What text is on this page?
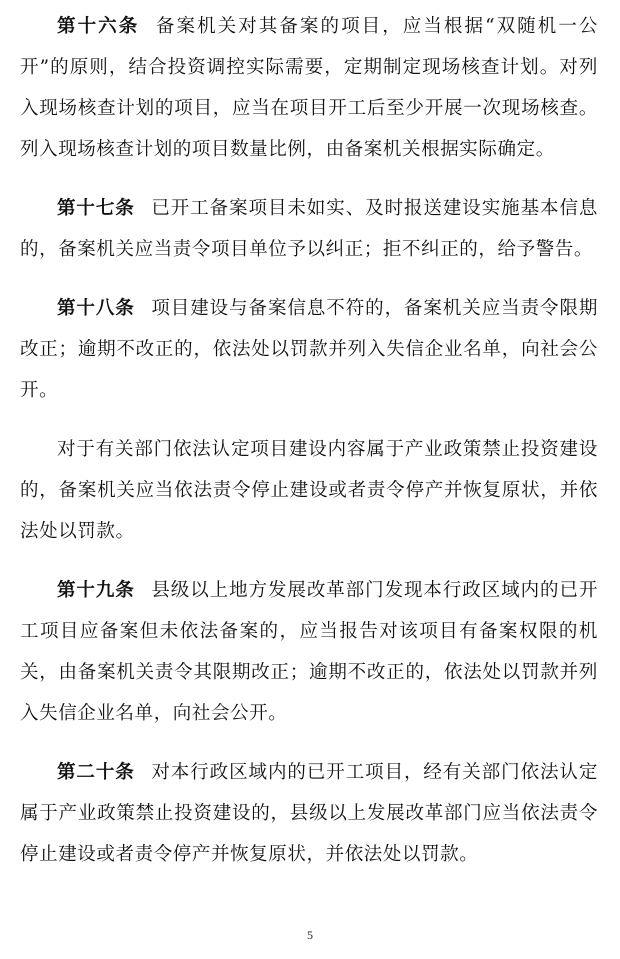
第十六条 备案机关对其备案的项目，应当根据“双随机一公开”的原则，结合投资调控实际需要，定期制定现场核查计划。对列入现场核查计划的项目，应当在项目开工后至少开展一次现场核查。列入现场核查计划的项目数量比例，由备案机关根据实际确定。

第十七条 已开工备案项目未如实、及时报送建设实施基本信息的，备案机关应当责令项目单位予以纠正；拒不纠正的，给予警告。

第十八条 项目建设与备案信息不符的，备案机关应当责令限期改正；逾期不改正的，依法处以罚款并列入失信企业名单，向社会公开。

对于有关部门依法认定项目建设内容属于产业政策禁止投资建设的，备案机关应当依法责令停止建设或者责令停产并恢复原状，并依法处以罚款。

第十九条 县级以上地方发展改革部门发现本行政区域内的已开工项目应备案但未依法备案的，应当报告对该项目有备案权限的机关，由备案机关责令其限期改正；逾期不改正的，依法处以罚款并列入失信企业名单，向社会公开。

第二十条 对本行政区域内的已开工项目，经有关部门依法认定属于产业政策禁止投资建设的，县级以上发展改革部门应当依法责令停止建设或者责令停产并恢复原状，并依法处以罚款。

5
